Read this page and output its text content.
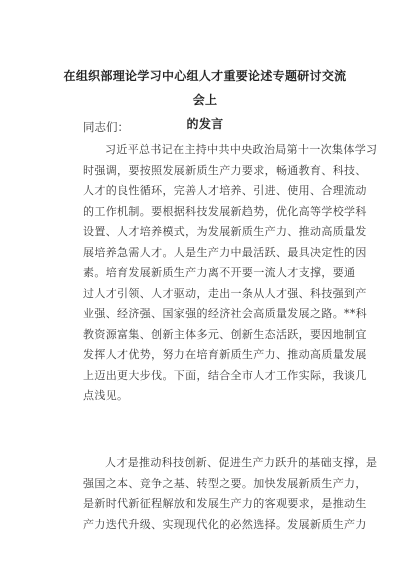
在组织部理论学习中心组人才重要论述专题研讨交流会上
的发言

同志们：

习近平总书记在主持中共中央政治局第十一次集体学习
时强调，要按照发展新质生产力要求，畅通教育、科技、
人才的良性循环，完善人才培养、引进、使用、合理流动
的工作机制。要根据科技发展新趋势，优化高等学校学科
设置、人才培养模式，为发展新质生产力、推动高质量发
展培养急需人才。人是生产力中最活跃、最具决定性的因
素。培育发展新质生产力离不开要一流人才支撑，要通
过人才引领、人才驱动，走出一条从人才强、科技强到产
业强、经济强、国家强的经济社会高质量发展之路。**科
教资源富集、创新主体多元、创新生态活跃，要因地制宜
发挥人才优势，努力在培育新质生产力、推动高质量发展
上迈出更大步伐。下面，结合全市人才工作实际，我谈几
点浅见。

人才是推动科技创新、促进生产力跃升的基础支撑，是
强国之本、竞争之基、转型之要。加快发展新质生产力，
是新时代新征程解放和发展生产力的客观要求，是推动生
产力迭代升级、实现现代化的必然选择。发展新质生产力
